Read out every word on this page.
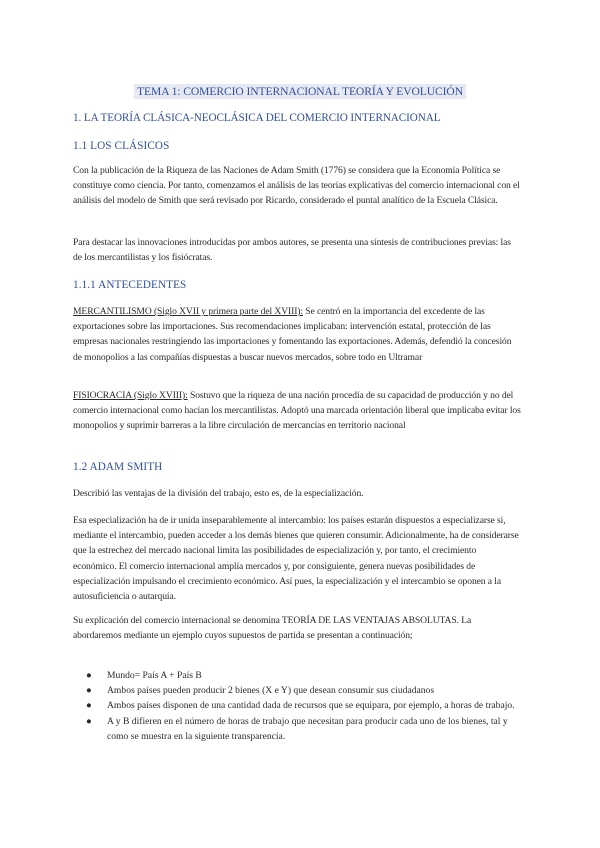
TEMA 1: COMERCIO INTERNACIONAL TEORÍA Y EVOLUCIÓN
1. LA TEORÍA CLÁSICA-NEOCLÁSICA DEL COMERCIO INTERNACIONAL
1.1 LOS CLÁSICOS
Con la publicación de la Riqueza de las Naciones de Adam Smith (1776) se considera que la Economía Política se constituye como ciencia. Por tanto, comenzamos el análisis de las teorías explicativas del comercio internacional con el análisis del modelo de Smith que será revisado por Ricardo, considerado el puntal analítico de la Escuela Clásica.
Para destacar las innovaciones introducidas por ambos autores, se presenta una síntesis de contribuciones previas: las de los mercantilistas y los fisiócratas.
1.1.1 ANTECEDENTES
MERCANTILISMO (Siglo XVII y primera parte del XVIII): Se centró en la importancia del excedente de las exportaciones sobre las importaciones. Sus recomendaciones implicaban: intervención estatal, protección de las empresas nacionales restringiendo las importaciones y fomentando las exportaciones. Además, defendió la concesión de monopolios a las compañías dispuestas a buscar nuevos mercados, sobre todo en Ultramar
FISIOCRACIA (Siglo XVIII): Sostuvo que la riqueza de una nación procedía de su capacidad de producción y no del comercio internacional como hacían los mercantilistas. Adoptó una marcada orientación liberal que implicaba evitar los monopolios y suprimir barreras a la libre circulación de mercancías en territorio nacional
1.2 ADAM SMITH
Describió las ventajas de la división del trabajo, esto es, de la especialización.
Esa especialización ha de ir unida inseparablemente al intercambio: los países estarán dispuestos a especializarse si, mediante el intercambio, pueden acceder a los demás bienes que quieren consumir. Adicionalmente, ha de considerarse que la estrechez del mercado nacional limita las posibilidades de especialización y, por tanto, el crecimiento económico. El comercio internacional amplía mercados y, por consiguiente, genera nuevas posibilidades de especialización impulsando el crecimiento económico. Así pues, la especialización y el intercambio se oponen a la autosuficiencia o autarquía.
Su explicación del comercio internacional se denomina TEORÍA DE LAS VENTAJAS ABSOLUTAS. La abordaremos mediante un ejemplo cuyos supuestos de partida se presentan a continuación;
● Mundo= País A + País B
● Ambos países pueden producir 2 bienes (X e Y) que desean consumir sus ciudadanos
● Ambos países disponen de una cantidad dada de recursos que se equipara, por ejemplo, a horas de trabajo.
● A y B difieren en el número de horas de trabajo que necesitan para producir cada uno de los bienes, tal y como se muestra en la siguiente transparencia.
